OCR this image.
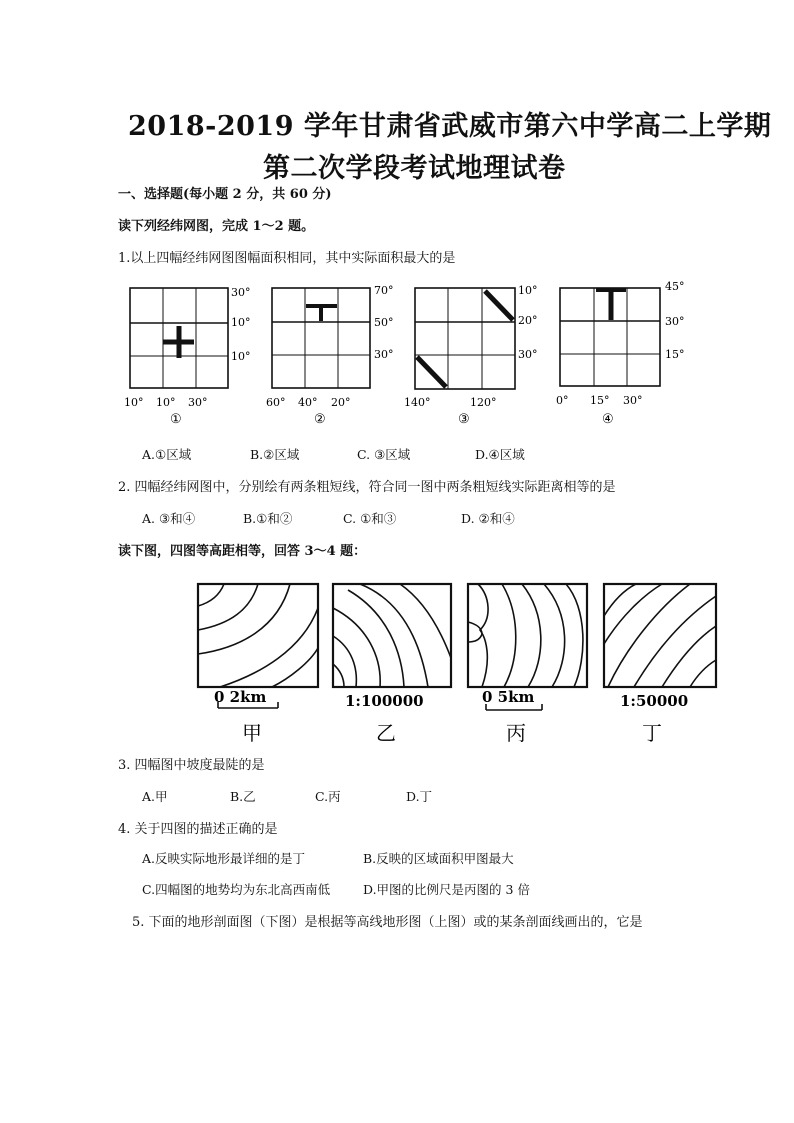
2018-2019 学年甘肃省武威市第六中学高二上学期
第二次学段考试地理试卷
一、选择题(每小题 2 分，共 60 分)
读下列经纬网图，完成 1～2 题。
1.以上四幅经纬网图图幅面积相同，其中实际面积最大的是
30°
10°
10°
10° 10° 30°
①
70°
50°
30°
60° 40° 20°
②
10°
20°
30°
140°	120°
③
45°
30°
15°
0° 15° 30°
④
A.①区域	B.②区域	C. ③区域	D.④区域
2. 四幅经纬网图中，分别绘有两条粗短线，符合同一图中两条粗短线实际距离相等的是
A. ③和④	B.①和②	C. ①和③	D. ②和④
读下图，四图等高距相等，回答 3～4 题：
0 2km
甲
1:100000
乙
0 5km
丙
1:50000
丁
3. 四幅图中坡度最陡的是
A.甲	B.乙	C.丙	D.丁
4. 关于四图的描述正确的是
A.反映实际地形最详细的是丁	B.反映的区域面积甲图最大
C.四幅图的地势均为东北高西南低	D.甲图的比例尺是丙图的 3 倍
5. 下面的地形剖面图（下图）是根据等高线地形图（上图）或的某条剖面线画出的，它是
